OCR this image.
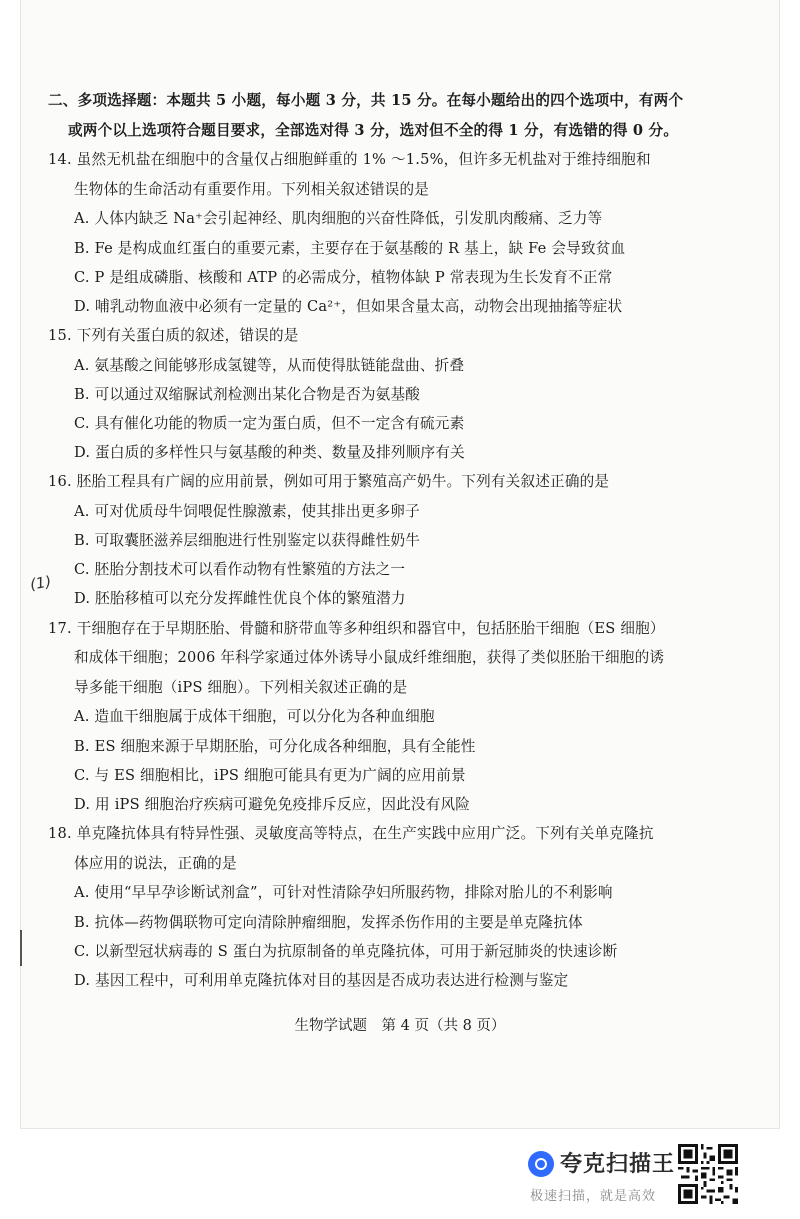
二、多项选择题：本题共 5 小题，每小题 3 分，共 15 分。在每小题给出的四个选项中，有两个
或两个以上选项符合题目要求，全部选对得 3 分，选对但不全的得 1 分，有选错的得 0 分。
14. 虽然无机盐在细胞中的含量仅占细胞鲜重的 1% ～1.5%，但许多无机盐对于维持细胞和
生物体的生命活动有重要作用。下列相关叙述错误的是
A. 人体内缺乏 Na⁺会引起神经、肌肉细胞的兴奋性降低，引发肌肉酸痛、乏力等
B. Fe 是构成血红蛋白的重要元素，主要存在于氨基酸的 R 基上，缺 Fe 会导致贫血
C. P 是组成磷脂、核酸和 ATP 的必需成分，植物体缺 P 常表现为生长发育不正常
D. 哺乳动物血液中必须有一定量的 Ca²⁺，但如果含量太高，动物会出现抽搐等症状
15. 下列有关蛋白质的叙述，错误的是
A. 氨基酸之间能够形成氢键等，从而使得肽链能盘曲、折叠
B. 可以通过双缩脲试剂检测出某化合物是否为氨基酸
C. 具有催化功能的物质一定为蛋白质，但不一定含有硫元素
D. 蛋白质的多样性只与氨基酸的种类、数量及排列顺序有关
16. 胚胎工程具有广阔的应用前景，例如可用于繁殖高产奶牛。下列有关叙述正确的是
A. 可对优质母牛饲喂促性腺激素，使其排出更多卵子
B. 可取囊胚滋养层细胞进行性别鉴定以获得雌性奶牛
C. 胚胎分割技术可以看作动物有性繁殖的方法之一
D. 胚胎移植可以充分发挥雌性优良个体的繁殖潜力
(1)
17. 干细胞存在于早期胚胎、骨髓和脐带血等多种组织和器官中，包括胚胎干细胞（ES 细胞）
和成体干细胞；2006 年科学家通过体外诱导小鼠成纤维细胞，获得了类似胚胎干细胞的诱
导多能干细胞（iPS 细胞）。下列相关叙述正确的是
A. 造血干细胞属于成体干细胞，可以分化为各种血细胞
B. ES 细胞来源于早期胚胎，可分化成各种细胞，具有全能性
C. 与 ES 细胞相比，iPS 细胞可能具有更为广阔的应用前景
D. 用 iPS 细胞治疗疾病可避免免疫排斥反应，因此没有风险
18. 单克隆抗体具有特异性强、灵敏度高等特点，在生产实践中应用广泛。下列有关单克隆抗
体应用的说法，正确的是
A. 使用“早早孕诊断试剂盒”，可针对性清除孕妇所服药物，排除对胎儿的不利影响
B. 抗体—药物偶联物可定向清除肿瘤细胞，发挥杀伤作用的主要是单克隆抗体
C. 以新型冠状病毒的 S 蛋白为抗原制备的单克隆抗体，可用于新冠肺炎的快速诊断
D. 基因工程中，可利用单克隆抗体对目的基因是否成功表达进行检测与鉴定
生物学试题　第 4 页（共 8 页）
夸克扫描王
极速扫描，就是高效
